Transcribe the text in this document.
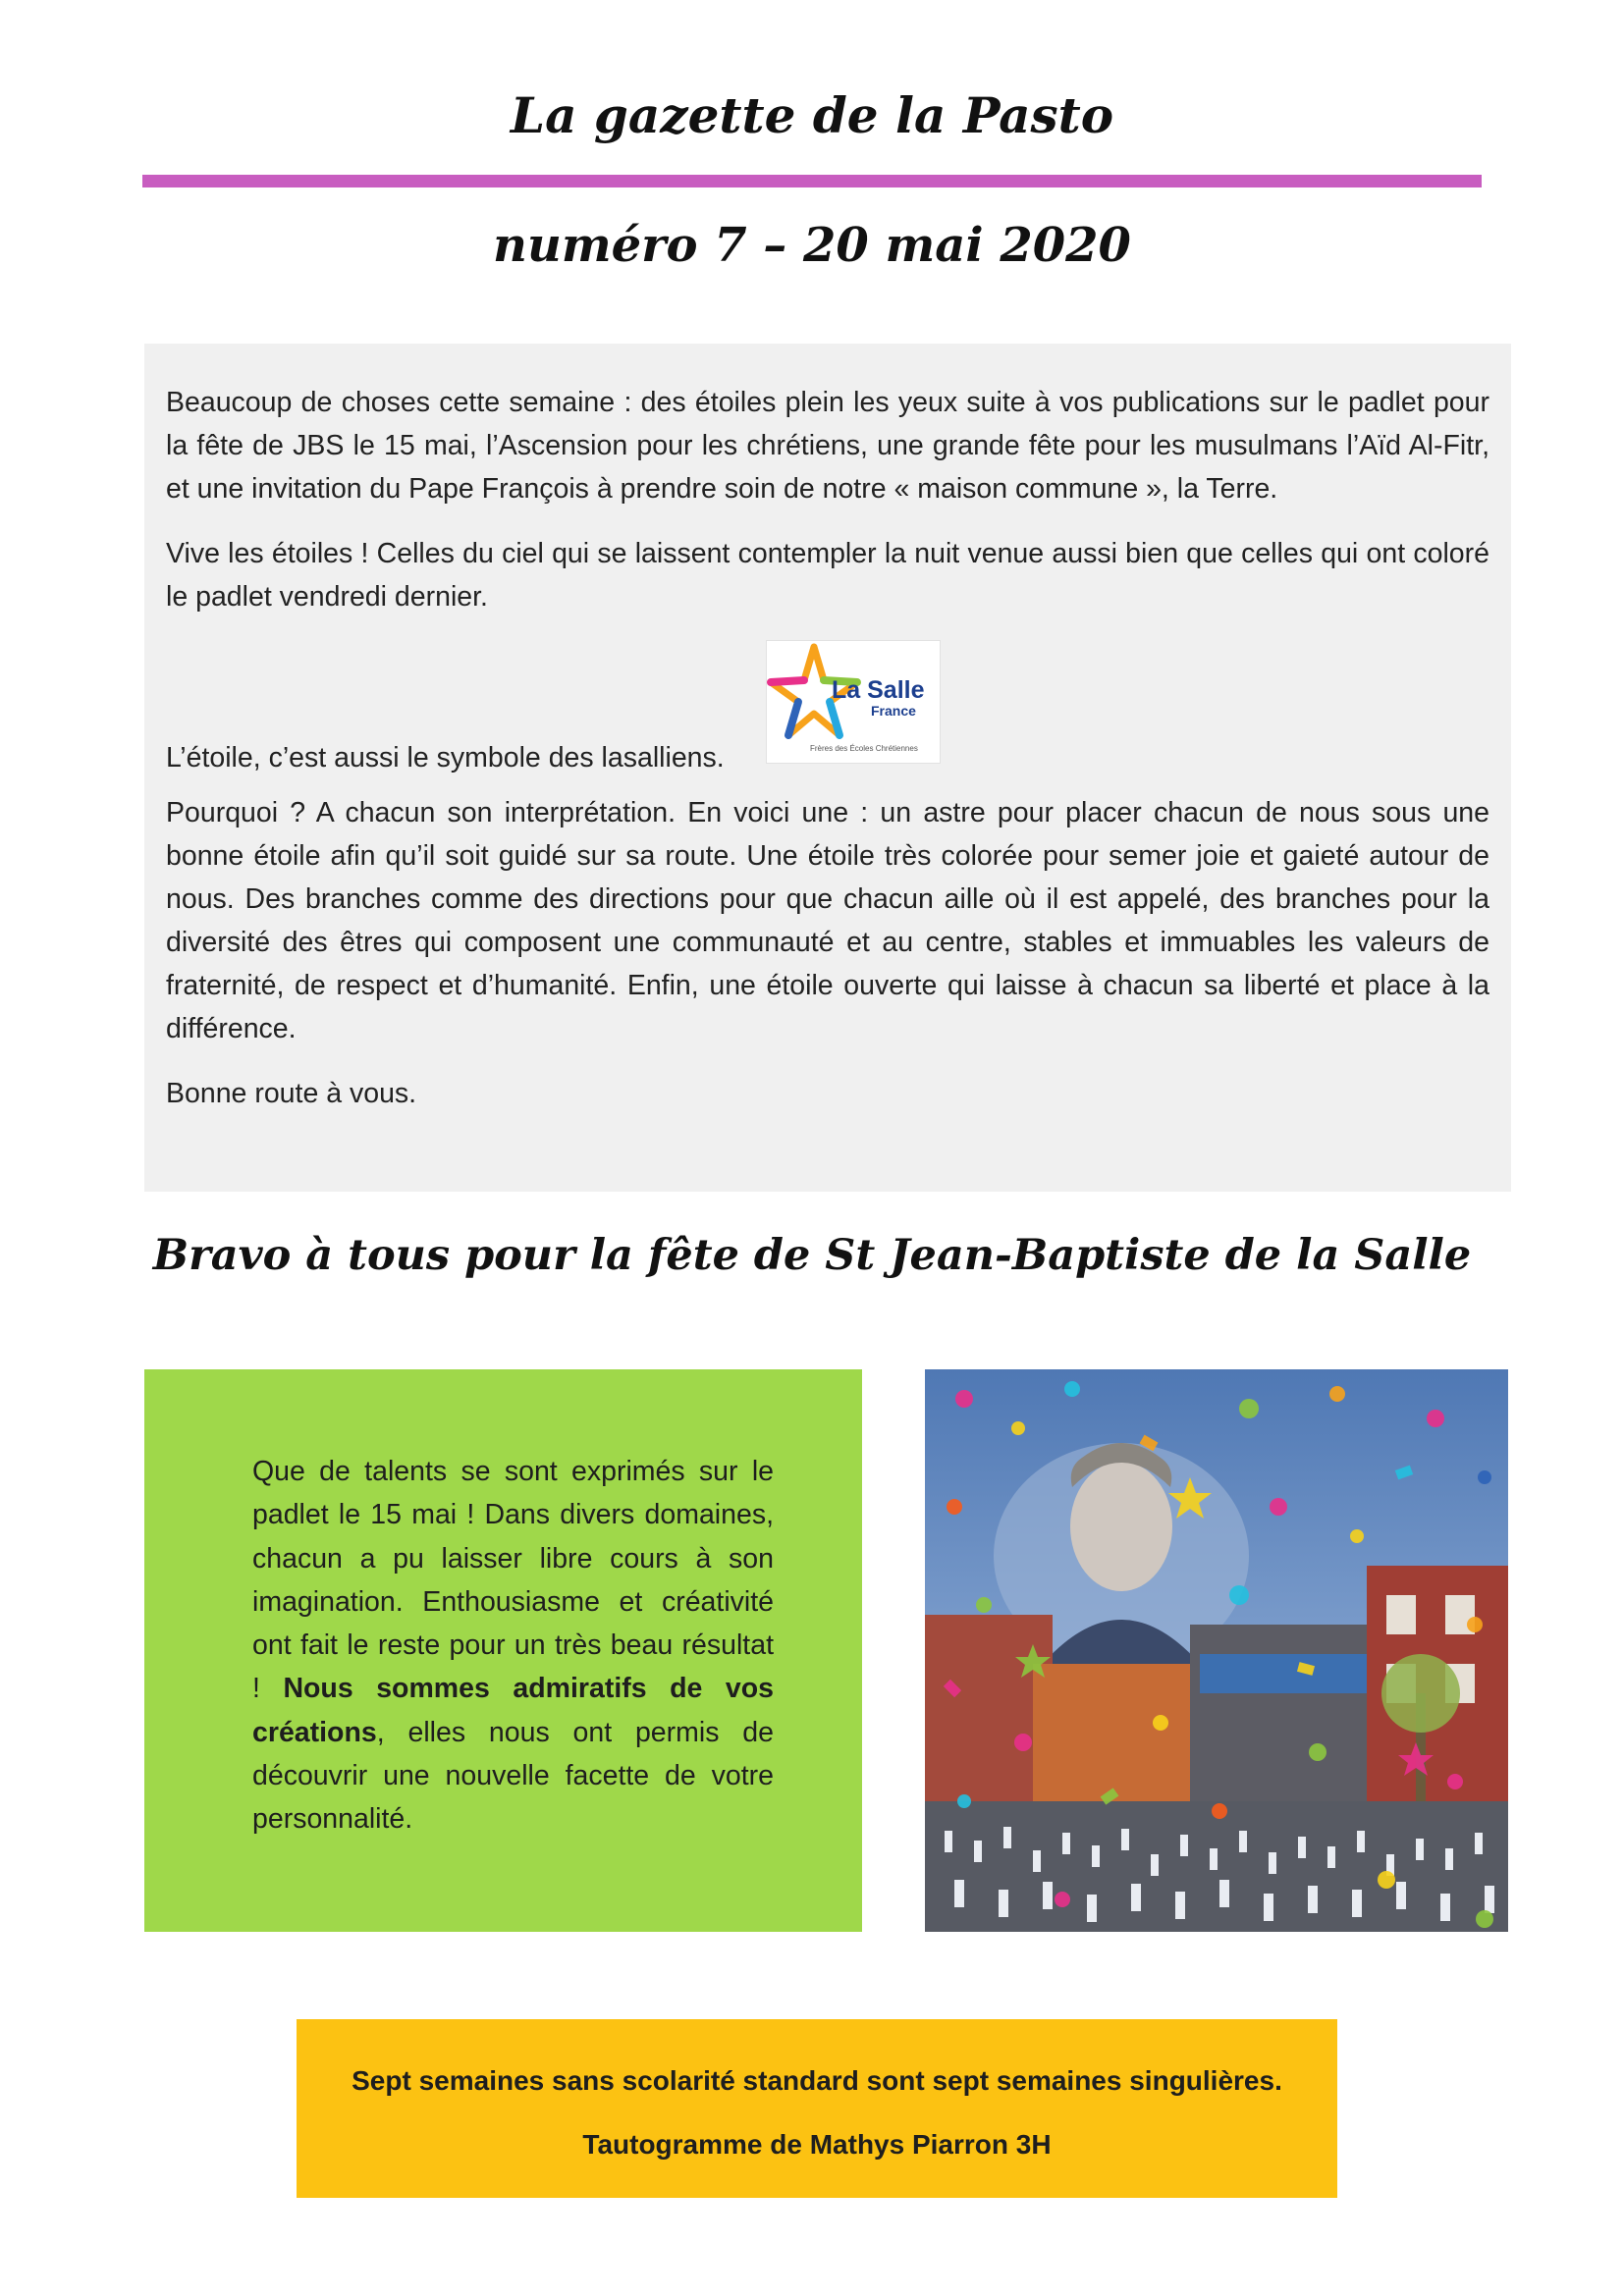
La gazette de la Pasto
numéro 7 – 20 mai 2020

Beaucoup de choses cette semaine : des étoiles plein les yeux suite à vos publications sur le padlet pour la fête de JBS le 15 mai, l’Ascension pour les chrétiens, une grande fête pour les musulmans l’Aïd Al-Fitr, et une invitation du Pape François à prendre soin de notre « maison commune », la Terre.

Vive les étoiles ! Celles du ciel qui se laissent contempler la nuit venue aussi bien que celles qui ont coloré le padlet vendredi dernier.

L’étoile, c’est aussi le symbole des lasalliens.
La Salle
France
Frères des Écoles Chrétiennes

Pourquoi ? A chacun son interprétation. En voici une : un astre pour placer chacun de nous sous une bonne étoile afin qu’il soit guidé sur sa route. Une étoile très colorée pour semer joie et gaieté autour de nous. Des branches comme des directions pour que chacun aille où il est appelé, des branches pour la diversité des êtres qui composent une communauté et au centre, stables et immuables les valeurs de fraternité, de respect et d’humanité. Enfin, une étoile ouverte qui laisse à chacun sa liberté et place à la différence.

Bonne route à vous.

Bravo à tous pour la fête de St Jean-Baptiste de la Salle
Que de talents se sont exprimés sur le padlet le 15 mai ! Dans divers domaines, chacun a pu laisser libre cours à son imagination. Enthousiasme et créativité ont fait le reste pour un très beau résultat ! Nous sommes admiratifs de vos créations, elles nous ont permis de découvrir une nouvelle facette de votre personnalité.
Sept semaines sans scolarité standard sont sept semaines singulières.
Tautogramme de Mathys Piarron 3H
